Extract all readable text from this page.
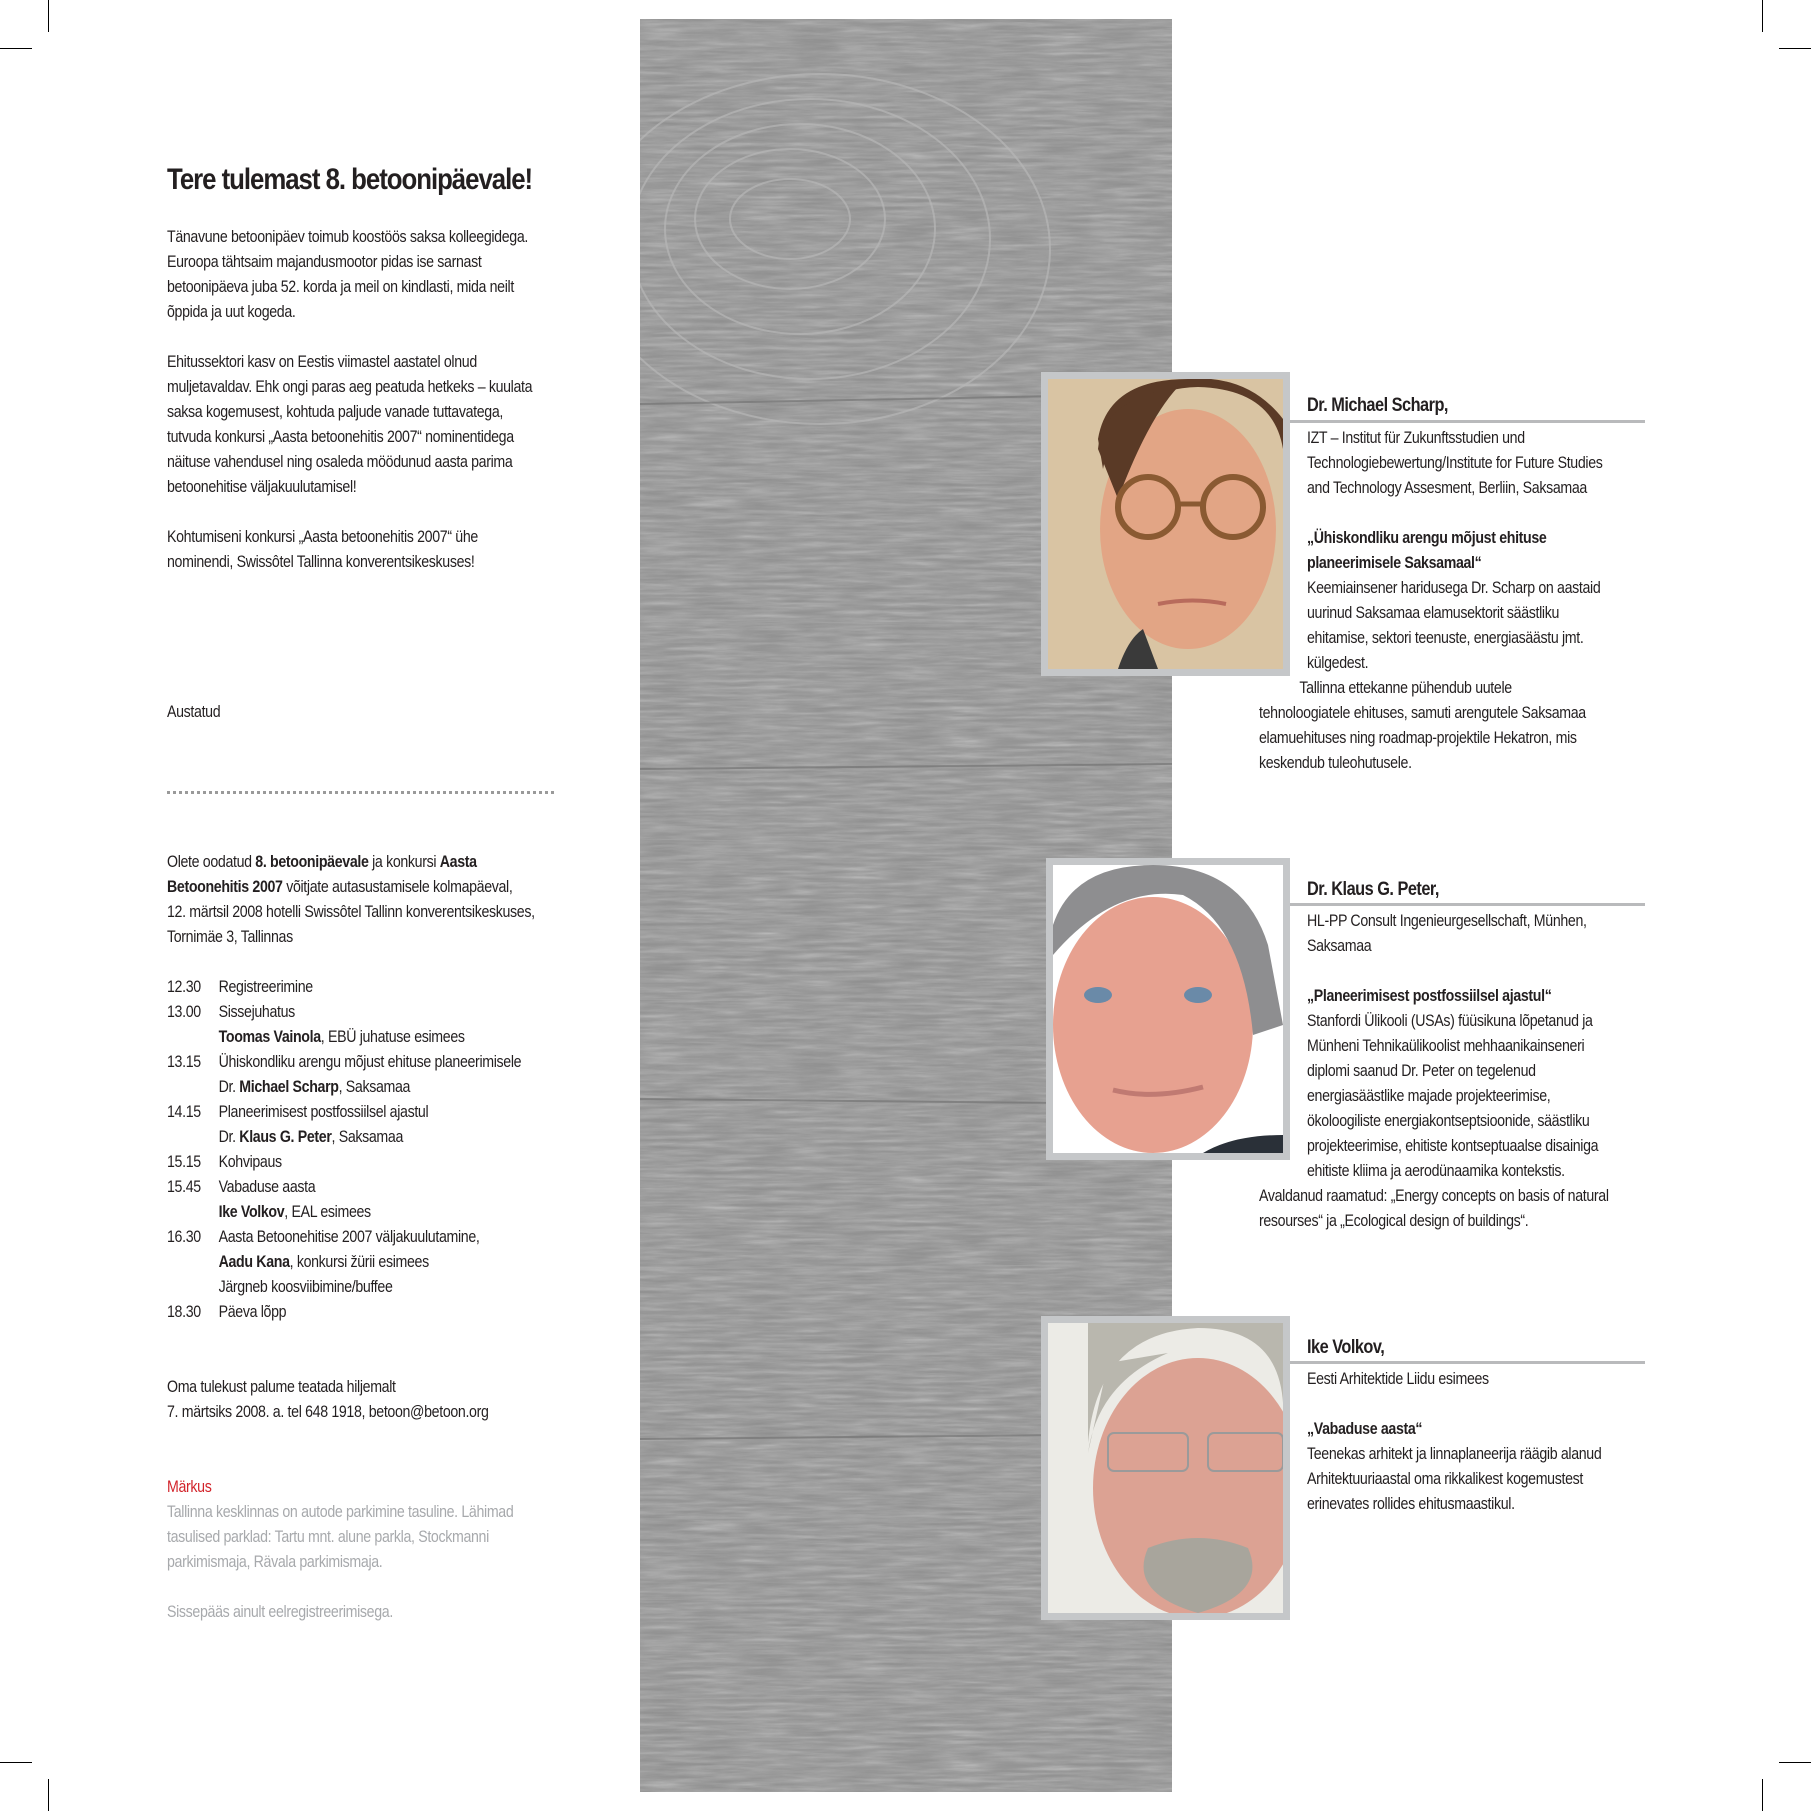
Tere tulemast 8. betoonipäevale!

Tänavune betoonipäev toimub koostöös saksa kolleegidega.

Euroopa tähtsaim majandusmootor pidas ise sarnast

betoonipäeva juba 52. korda ja meil on kindlasti, mida neilt

õppida ja uut kogeda.

Ehitussektori kasv on Eestis viimastel aastatel olnud

muljetavaldav. Ehk ongi paras aeg peatuda hetkeks – kuulata

saksa kogemusest, kohtuda paljude vanade tuttavatega,

tutvuda konkursi „Aasta betoonehitis 2007“ nominentidega

näituse vahendusel ning osaleda möödunud aasta parima

betoonehitise väljakuulutamisel!

Kohtumiseni konkursi „Aasta betoonehitis 2007“ ühe

nominendi, Swissôtel Tallinna konverentsikeskuses!

Austatud

Olete oodatud 8. betoonipäevale ja konkursi Aasta

Betoonehitis 2007 võitjate autasustamisele kolmapäeval,

12. märtsil 2008 hotelli Swissôtel Tallinn konverentsikeskuses,

Tornimäe 3, Tallinnas

12.30	Registreerimine
13.00	Sissejuhatus
Toomas Vainola, EBÜ juhatuse esimees
13.15	Ühiskondliku arengu mõjust ehituse planeerimisele
Dr. Michael Scharp, Saksamaa
14.15	Planeerimisest postfossiilsel ajastul
Dr. Klaus G. Peter, Saksamaa
15.15	Kohvipaus
15.45	Vabaduse aasta
Ike Volkov, EAL esimees
16.30	Aasta Betoonehitise 2007 väljakuulutamine,
Aadu Kana, konkursi žürii esimees
Järgneb koosviibimine/buffee
18.30	Päeva lõpp

Oma tulekust palume teatada hiljemalt

7. märtsiks 2008. a. tel 648 1918, betoon@betoon.org

Märkus

Tallinna kesklinnas on autode parkimine tasuline. Lähimad

tasulised parklad: Tartu mnt. alune parkla, Stockmanni

parkimismaja, Rävala parkimismaja.

Sissepääs ainult eelregistreerimisega.

Dr. Michael Scharp,
IZT – Institut für Zukunftsstudien und
Technologiebewertung/Institute for Future Studies
and Technology Assesment, Berliin, Saksamaa

„Ühiskondliku arengu mõjust ehituse
planeerimisele Saksamaal“
Keemiainsener haridusega Dr. Scharp on aastaid
uurinud Saksamaa elamusektorit säästliku
ehitamise, sektori teenuste, energiasäästu jmt.
külgedest.
Tallinna ettekanne pühendub uutele
tehnoloogiatele ehituses, samuti arengutele Saksamaa
elamuehituses ning roadmap-projektile Hekatron, mis
keskendub tuleohutusele.
Dr. Klaus G. Peter,
HL-PP Consult Ingenieurgesellschaft, Münhen,
Saksamaa

„Planeerimisest postfossiilsel ajastul“
Stanfordi Ülikooli (USAs) füüsikuna lõpetanud ja
Münheni Tehnikaülikoolist mehhaanikainseneri
diplomi saanud Dr. Peter on tegelenud
energiasäästlike majade projekteerimise,
ökoloogiliste energiakontseptsioonide, säästliku
projekteerimise, ehitiste kontseptuaalse disainiga
ehitiste kliima ja aerodünaamika kontekstis.
Avaldanud raamatud: „Energy concepts on basis of natural
resourses“ ja „Ecological design of buildings“.
Ike Volkov,
Eesti Arhitektide Liidu esimees

„Vabaduse aasta“
Teenekas arhitekt ja linnaplaneerija räägib alanud
Arhitektuuriaastal oma rikkalikest kogemustest
erinevates rollides ehitusmaastikul.
